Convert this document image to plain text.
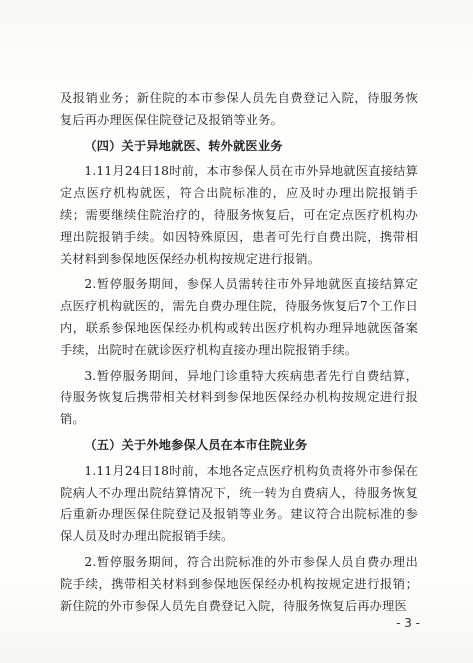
及报销业务；新住院的本市参保人员先自费登记入院，待服务恢复后再办理医保住院登记及报销等业务。

（四）关于异地就医、转外就医业务

1.11月24日18时前，本市参保人员在市外异地就医直接结算定点医疗机构就医，符合出院标准的，应及时办理出院报销手续；需要继续住院治疗的，待服务恢复后，可在定点医疗机构办理出院报销手续。如因特殊原因，患者可先行自费出院，携带相关材料到参保地医保经办机构按规定进行报销。

2.暂停服务期间，参保人员需转往市外异地就医直接结算定点医疗机构就医的，需先自费办理住院，待服务恢复后7个工作日内，联系参保地医保经办机构或转出医疗机构办理异地就医备案手续，出院时在就诊医疗机构直接办理出院报销手续。

3.暂停服务期间，异地门诊重特大疾病患者先行自费结算，待服务恢复后携带相关材料到参保地医保经办机构按规定进行报销。

（五）关于外地参保人员在本市住院业务

1.11月24日18时前，本地各定点医疗机构负责将外市参保在院病人不办理出院结算情况下，统一转为自费病人，待服务恢复后重新办理医保住院登记及报销等业务。建议符合出院标准的参保人员及时办理出院报销手续。

2.暂停服务期间，符合出院标准的外市参保人员自费办理出院手续，携带相关材料到参保地医保经办机构按规定进行报销；新住院的外市参保人员先自费登记入院，待服务恢复后再办理医

- 3 -
